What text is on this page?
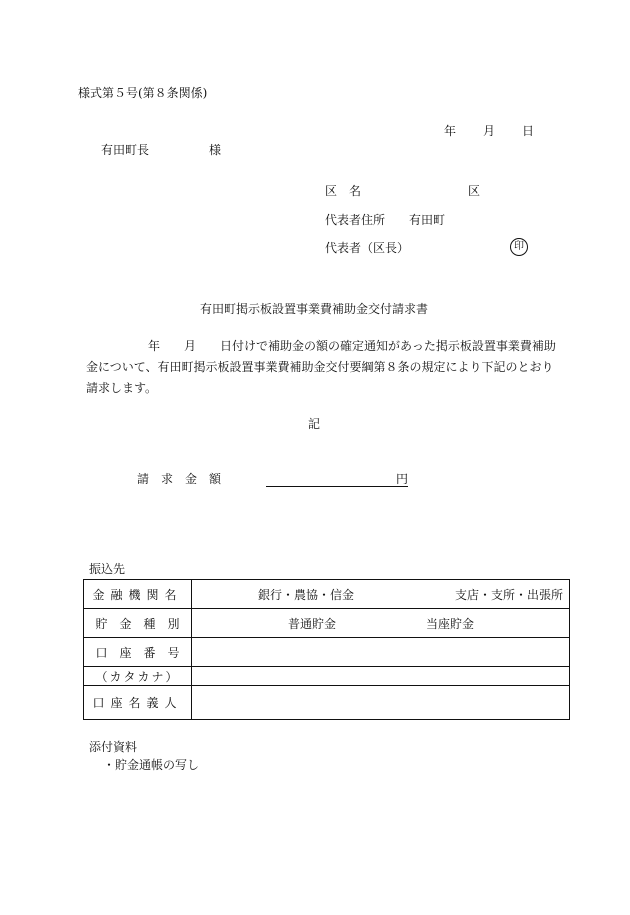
様式第５号(第８条関係)
年　　月　　日
有田町長　　　　　様
区　名	区
代表者住所 有田町
代表者（区長）	印
有田町掲示板設置事業費補助金交付請求書
年　　月　　日付けで補助金の額の確定通知があった掲示板設置事業費補助
金について、有田町掲示板設置事業費補助金交付要綱第８条の規定により下記のとおり
請求します。
記
請　求　金　額	円
振込先
金融機関名	銀行・農協・信金 支店・支所・出張所

貯　金　種　別	普通貯金 当座貯金

口　座　番　号	
（カタカナ）	
口座名義人	
添付資料
・貯金通帳の写し
